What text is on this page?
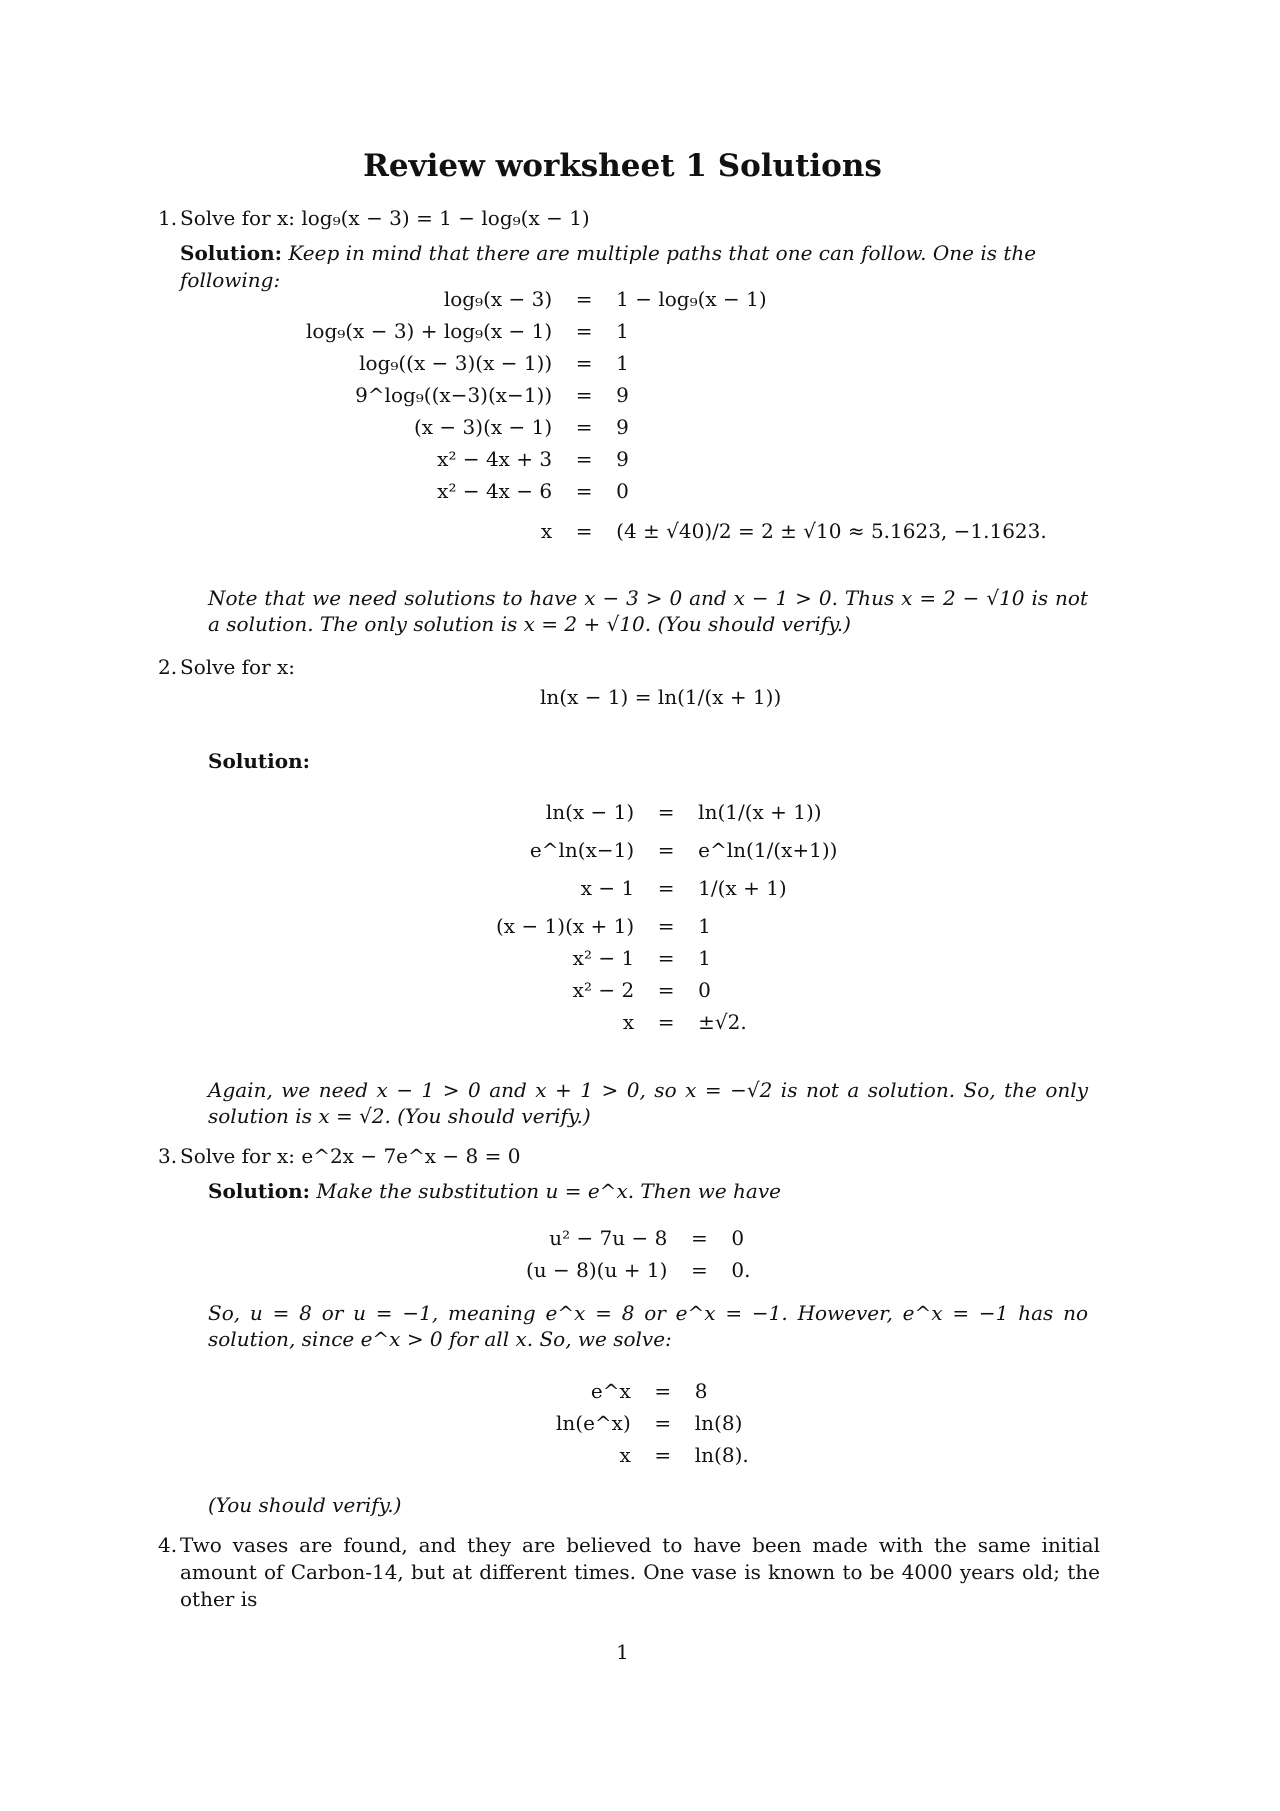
Review worksheet 1 Solutions
1. Solve for x: log₉(x − 3) = 1 − log₉(x − 1)
Solution: Keep in mind that there are multiple paths that one can follow. One is the following:
log₉(x − 3)	=	1 − log₉(x − 1)
log₉(x − 3) + log₉(x − 1)	=	1
log₉((x − 3)(x − 1))	=	1
9^log₉((x−3)(x−1))	=	9
(x − 3)(x − 1)	=	9
x² − 4x + 3	=	9
x² − 4x − 6	=	0
x	=	(4 ± √40)/2 = 2 ± √10 ≈ 5.1623, −1.1623.
Note that we need solutions to have x − 3 > 0 and x − 1 > 0. Thus x = 2 − √10 is not a solution. The only solution is x = 2 + √10. (You should verify.)
2. Solve for x:
ln(x − 1) = ln(1/(x + 1))
Solution:
ln(x − 1)	=	ln(1/(x + 1))
e^ln(x−1)	=	e^ln(1/(x+1))
x − 1	=	1/(x + 1)
(x − 1)(x + 1)	=	1
x² − 1	=	1
x² − 2	=	0
x	=	±√2.
Again, we need x − 1 > 0 and x + 1 > 0, so x = −√2 is not a solution. So, the only solution is x = √2. (You should verify.)
3. Solve for x: e^2x − 7e^x − 8 = 0
Solution: Make the substitution u = e^x. Then we have
u² − 7u − 8	=	0
(u − 8)(u + 1)	=	0.
So, u = 8 or u = −1, meaning e^x = 8 or e^x = −1. However, e^x = −1 has no solution, since e^x > 0 for all x. So, we solve:
e^x	=	8
ln(e^x)	=	ln(8)
x	=	ln(8).
(You should verify.)
4. Two vases are found, and they are believed to have been made with the same initial amount of Carbon-14, but at different times. One vase is known to be 4000 years old; the other is
1
